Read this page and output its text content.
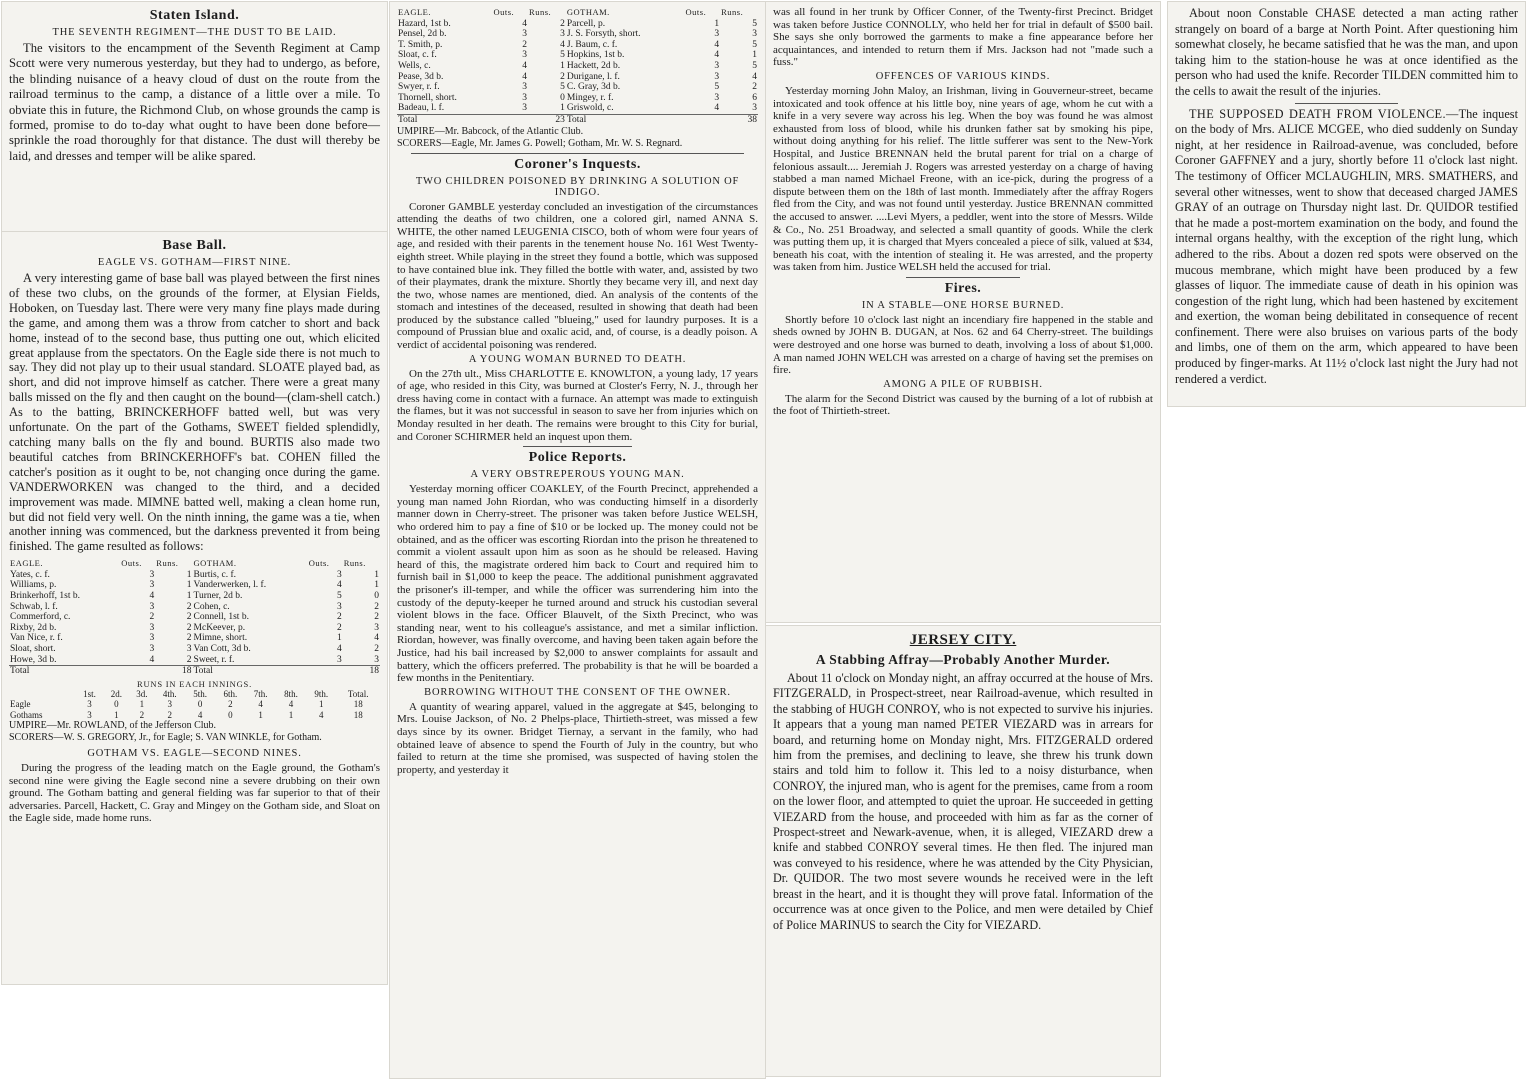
Staten Island.
THE SEVENTH REGIMENT—THE DUST TO BE LAID.

The visitors to the encampment of the Seventh Regiment at Camp Scott were very numerous yesterday, but they had to undergo, as before, the blinding nuisance of a heavy cloud of dust on the route from the railroad terminus to the camp, a distance of a little over a mile. To obviate this in future, the Richmond Club, on whose grounds the camp is formed, promise to do to-day what ought to have been done before—sprinkle the road thoroughly for that distance. The dust will thereby be laid, and dresses and temper will be alike spared.

Base Ball.
EAGLE VS. GOTHAM—FIRST NINE.

A very interesting game of base ball was played between the first nines of these two clubs, on the grounds of the former, at Elysian Fields, Hoboken, on Tuesday last. There were very many fine plays made during the game, and among them was a throw from catcher to short and back home, instead of to the second base, thus putting one out, which elicited great applause from the spectators. On the Eagle side there is not much to say. They did not play up to their usual standard. SLOATE played bad, as short, and did not improve himself as catcher. There were a great many balls missed on the fly and then caught on the bound—(clam-shell catch.) As to the batting, BRINCKERHOFF batted well, but was very unfortunate. On the part of the Gothams, SWEET fielded splendidly, catching many balls on the fly and bound. BURTIS also made two beautiful catches from BRINCKERHOFF's bat. COHEN filled the catcher's position as it ought to be, not changing once during the game. VANDERWORKEN was changed to the third, and a decided improvement was made. MIMNE batted well, making a clean home run, but did not field very well. On the ninth inning, the game was a tie, when another inning was commenced, but the darkness prevented it from being finished. The game resulted as follows:

EAGLE.	Outs.	Runs.	GOTHAM.	Outs.	Runs.
Yates, c. f.	3	1	Burtis, c. f.	3	1
Williams, p.	3	1	Vanderwerken, l. f.	4	1
Brinkerhoff, 1st b.	4	1	Turner, 2d b.	5	0
Schwab, l. f.	3	2	Cohen, c.	3	2
Commerford, c.	2	2	Connell, 1st b.	2	2
Rixby, 2d b.	3	2	McKeever, p.	2	3
Van Nice, r. f.	3	2	Mimne, short.	1	4
Sloat, short.	3	3	Van Cott, 3d b.	4	2
Howe, 3d b.	4	2	Sweet, r. f.	3	3
Total		18	Total		18
RUNS IN EACH INNINGS.
	1st.	2d.	3d.	4th.	5th.	6th.	7th.	8th.	9th.	Total.
Eagle	3	0	1	3	0	2	4	4	1	18
Gothams	3	1	2	2	4	0	1	1	4	18

UMPIRE—Mr. ROWLAND, of the Jefferson Club.

SCORERS—W. S. GREGORY, Jr., for Eagle; S. VAN WINKLE, for Gotham.

GOTHAM VS. EAGLE—SECOND NINES.

During the progress of the leading match on the Eagle ground, the Gotham's second nine were giving the Eagle second nine a severe drubbing on their own ground. The Gotham batting and general fielding was far superior to that of their adversaries. Parcell, Hackett, C. Gray and Mingey on the Gotham side, and Sloat on the Eagle side, made home runs.

EAGLE.	Outs.	Runs.	GOTHAM.	Outs.	Runs.
Hazard, 1st b.	4	2	Parcell, p.	1	5
Pensel, 2d b.	3	3	J. S. Forsyth, short.	3	3
T. Smith, p.	2	4	J. Baum, c. f.	4	5
Sloat, c. f.	3	5	Hopkins, 1st b.	4	1
Wells, c.	4	1	Hackett, 2d b.	3	5
Pease, 3d b.	4	2	Durigane, l. f.	3	4
Swyer, r. f.	3	5	C. Gray, 3d b.	5	2
Thornell, short.	3	0	Mingey, r. f.	3	6
Badeau, l. f.	3	1	Griswold, c.	4	3
Total		23	Total		38

UMPIRE—Mr. Babcock, of the Atlantic Club.

SCORERS—Eagle, Mr. James G. Powell; Gotham, Mr. W. S. Regnard.

Coroner's Inquests.
TWO CHILDREN POISONED BY DRINKING A SOLUTION OF INDIGO.

Coroner GAMBLE yesterday concluded an investigation of the circumstances attending the deaths of two children, one a colored girl, named ANNA S. WHITE, the other named LEUGENIA CISCO, both of whom were four years of age, and resided with their parents in the tenement house No. 161 West Twenty-eighth street. While playing in the street they found a bottle, which was supposed to have contained blue ink. They filled the bottle with water, and, assisted by two of their playmates, drank the mixture. Shortly they became very ill, and next day the two, whose names are mentioned, died. An analysis of the contents of the stomach and intestines of the deceased, resulted in showing that death had been produced by the substance called "blueing," used for laundry purposes. It is a compound of Prussian blue and oxalic acid, and, of course, is a deadly poison. A verdict of accidental poisoning was rendered.

A YOUNG WOMAN BURNED TO DEATH.

On the 27th ult., Miss CHARLOTTE E. KNOWLTON, a young lady, 17 years of age, who resided in this City, was burned at Closter's Ferry, N. J., through her dress having come in contact with a furnace. An attempt was made to extinguish the flames, but it was not successful in season to save her from injuries which on Monday resulted in her death. The remains were brought to this City for burial, and Coroner SCHIRMER held an inquest upon them.

Police Reports.
A VERY OBSTREPEROUS YOUNG MAN.

Yesterday morning officer COAKLEY, of the Fourth Precinct, apprehended a young man named John Riordan, who was conducting himself in a disorderly manner down in Cherry-street. The prisoner was taken before Justice WELSH, who ordered him to pay a fine of $10 or be locked up. The money could not be obtained, and as the officer was escorting Riordan into the prison he threatened to commit a violent assault upon him as soon as he should be released. Having heard of this, the magistrate ordered him back to Court and required him to furnish bail in $1,000 to keep the peace. The additional punishment aggravated the prisoner's ill-temper, and while the officer was surrendering him into the custody of the deputy-keeper he turned around and struck his custodian several violent blows in the face. Officer Blauvelt, of the Sixth Precinct, who was standing near, went to his colleague's assistance, and met a similar infliction. Riordan, however, was finally overcome, and having been taken again before the Justice, had his bail increased by $2,000 to answer complaints for assault and battery, which the officers preferred. The probability is that he will be boarded a few months in the Penitentiary.

BORROWING WITHOUT THE CONSENT OF THE OWNER.

A quantity of wearing apparel, valued in the aggregate at $45, belonging to Mrs. Louise Jackson, of No. 2 Phelps-place, Thirtieth-street, was missed a few days since by its owner. Bridget Tiernay, a servant in the family, who had obtained leave of absence to spend the Fourth of July in the country, but who failed to return at the time she promised, was suspected of having stolen the property, and yesterday it

was all found in her trunk by Officer Conner, of the Twenty-first Precinct. Bridget was taken before Justice CONNOLLY, who held her for trial in default of $500 bail. She says she only borrowed the garments to make a fine appearance before her acquaintances, and intended to return them if Mrs. Jackson had not "made such a fuss."

OFFENCES OF VARIOUS KINDS.

Yesterday morning John Maloy, an Irishman, living in Gouverneur-street, became intoxicated and took offence at his little boy, nine years of age, whom he cut with a knife in a very severe way across his leg. When the boy was found he was almost exhausted from loss of blood, while his drunken father sat by smoking his pipe, without doing anything for his relief. The little sufferer was sent to the New-York Hospital, and Justice BRENNAN held the brutal parent for trial on a charge of felonious assault.... Jeremiah J. Rogers was arrested yesterday on a charge of having stabbed a man named Michael Freone, with an ice-pick, during the progress of a dispute between them on the 18th of last month. Immediately after the affray Rogers fled from the City, and was not found until yesterday. Justice BRENNAN committed the accused to answer. ....Levi Myers, a peddler, went into the store of Messrs. Wilde & Co., No. 251 Broadway, and selected a small quantity of goods. While the clerk was putting them up, it is charged that Myers concealed a piece of silk, valued at $34, beneath his coat, with the intention of stealing it. He was arrested, and the property was taken from him. Justice WELSH held the accused for trial.

Fires.
IN A STABLE—ONE HORSE BURNED.

Shortly before 10 o'clock last night an incendiary fire happened in the stable and sheds owned by JOHN B. DUGAN, at Nos. 62 and 64 Cherry-street. The buildings were destroyed and one horse was burned to death, involving a loss of about $1,000. A man named JOHN WELCH was arrested on a charge of having set the premises on fire.

AMONG A PILE OF RUBBISH.

The alarm for the Second District was caused by the burning of a lot of rubbish at the foot of Thirtieth-street.

JERSEY CITY.
A Stabbing Affray—Probably Another Murder.

About 11 o'clock on Monday night, an affray occurred at the house of Mrs. FITZGERALD, in Prospect-street, near Railroad-avenue, which resulted in the stabbing of HUGH CONROY, who is not expected to survive his injuries. It appears that a young man named PETER VIEZARD was in arrears for board, and returning home on Monday night, Mrs. FITZGERALD ordered him from the premises, and declining to leave, she threw his trunk down stairs and told him to follow it. This led to a noisy disturbance, when CONROY, the injured man, who is agent for the premises, came from a room on the lower floor, and attempted to quiet the uproar. He succeeded in getting VIEZARD from the house, and proceeded with him as far as the corner of Prospect-street and Newark-avenue, when, it is alleged, VIEZARD drew a knife and stabbed CONROY several times. He then fled. The injured man was conveyed to his residence, where he was attended by the City Physician, Dr. QUIDOR. The two most severe wounds he received were in the left breast in the heart, and it is thought they will prove fatal. Information of the occurrence was at once given to the Police, and men were detailed by Chief of Police MARINUS to search the City for VIEZARD.

About noon Constable CHASE detected a man acting rather strangely on board of a barge at North Point. After questioning him somewhat closely, he became satisfied that he was the man, and upon taking him to the station-house he was at once identified as the person who had used the knife. Recorder TILDEN committed him to the cells to await the result of the injuries.

THE SUPPOSED DEATH FROM VIOLENCE.—The inquest on the body of Mrs. ALICE MCGEE, who died suddenly on Sunday night, at her residence in Railroad-avenue, was concluded, before Coroner GAFFNEY and a jury, shortly before 11 o'clock last night. The testimony of Officer MCLAUGHLIN, MRS. SMATHERS, and several other witnesses, went to show that deceased charged JAMES GRAY of an outrage on Thursday night last. Dr. QUIDOR testified that he made a post-mortem examination on the body, and found the internal organs healthy, with the exception of the right lung, which adhered to the ribs. About a dozen red spots were observed on the mucous membrane, which might have been produced by a few glasses of liquor. The immediate cause of death in his opinion was congestion of the right lung, which had been hastened by excitement and exertion, the woman being debilitated in consequence of recent confinement. There were also bruises on various parts of the body and limbs, one of them on the arm, which appeared to have been produced by finger-marks. At 11½ o'clock last night the Jury had not rendered a verdict.
